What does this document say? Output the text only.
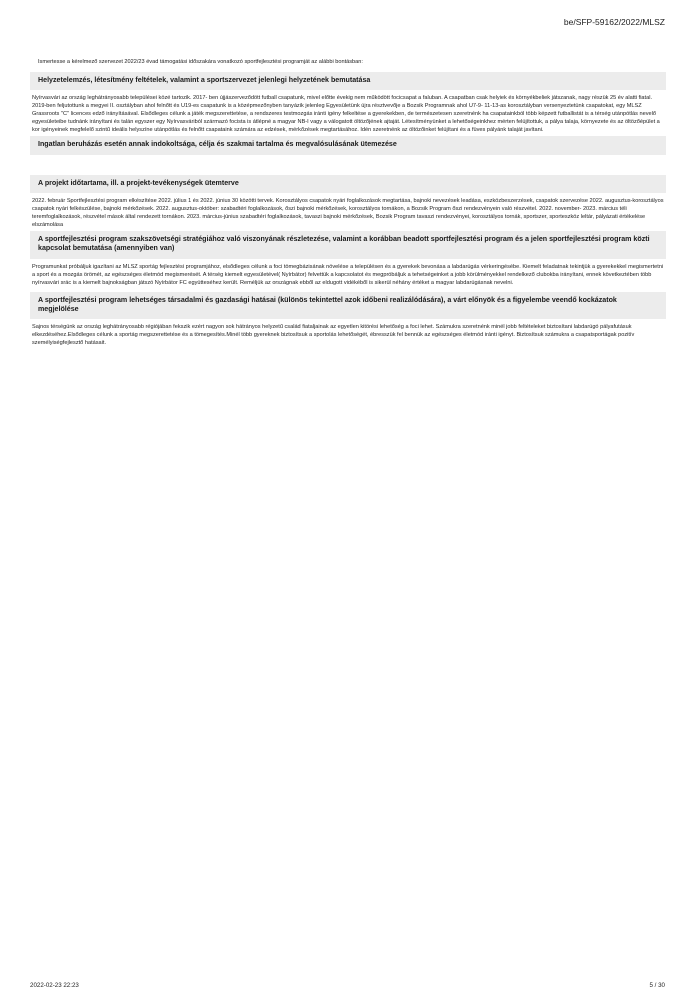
be/SFP-59162/2022/MLSZ
Ismertesse a kérelmező szervezet 2022/23 évad támogatási időszakára vonatkozó sportfejlesztési programját az alábbi bontásban:
Helyzetelemzés, létesítmény feltételek, valamint a sportszervezet jelenlegi helyzetének bemutatása
Nyírvasvári az ország leghátrányosabb települései közé tartozik. 2017- ben újjászerveződött futball csapatunk, mivel előtte évekig nem működött focicsapat a faluban. A csapatban csak helyiek és környékbeliek játszanak, nagy részük 25 év alatti fiatal. 2019-ben feljutottunk a megyei II. osztályban ahol felnőtt és U19-es csapatunk is a középmezőnyben tanyázik jelenleg Egyesületünk újra résztvevője a Bozsik Programnak ahol U7-9- 11-13-as korosztályban versenyeztetünk csapatokat, egy MLSZ Grassroots ''C'' licences edző irányításával. Elsődleges célunk a játék megszerettetése, a rendszeres testmozgás iránti igény felkeltése a gyerekekben, de természetesen szeretnénk ha csapatainkból több képzett futballistát is a térség utánpótlás nevelő egyesületeibe tudnánk irányítani és talán egyszer egy Nyírvasváriból származó focista is átlépné a magyar NB-I vagy a válogatott öltözőjének ajtaját. Létesítményünket a lehetőségeinkhez mérten felújítottuk, a pálya talaja, környezete és az öltözőépület a kor igényeinek megfelelő szintű ideális helyszíne utánpótlás és felnőtt csapataink számára az edzések, mérkőzések megtartásához. Idén szeretnénk az öltözőinket felújítani és a füves pályánk talaját javítani.
Ingatlan beruházás esetén annak indokoltsága, célja és szakmai tartalma és megvalósulásának ütemezése
A projekt időtartama, ill. a projekt-tevékenységek ütemterve
2022. február Sportfejlesztési program elkészítése 2022. július 1 és 2022. június 30 közötti tervek. Korosztályos csapatok nyári foglalkozások megtartása, bajnoki nevezések leadása, eszközbeszerzések, csapatok szervezése 2022. augusztus-korosztályos csapatok nyári felkészülése, bajnoki mérkőzések. 2022. augusztus-október: szabadtéri foglalkozások, őszi bajnoki mérkőzések, korosztályos tornákon, a Bozsik Program őszi rendezvényein való részvétel. 2022. november- 2023. március téli teremfoglalkozások, részvétel mások által rendezett tornákon. 2023. március-június szabadtéri foglalkozások, tavaszi bajnoki mérkőzések, Bozsik Program tavaszi rendezvényei, korosztályos tornák, sportszer, sporteszköz leltár, pályázati értékelése elszámolása
A sportfejlesztési program szakszövetségi stratégiához való viszonyának részletezése, valamint a korábban beadott sportfejlesztési program és a jelen sportfejlesztési program közti kapcsolat bemutatása (amennyiben van)
Programunkat próbáljuk igazítani az MLSZ sportág fejlesztési programjához, elsődleges célunk a foci tömegbázisának növelése a településen és a gyerekek bevonása a labdarúgás vérkeringésébe. Kiemelt feladatnak tekintjük a gyerekekkel megismertetni a sport és a mozgás örömét, az egészséges életmód megismerését. A térség kiemelt egyesületével( Nyírbátor) felvettük a kapcsolatot és megpróbáljuk a tehetségeinket a jobb körülményekkel rendelkező clubokba irányítani, ennek következtében több nyírvasvári srác is a kiemelt bajnokságban játszó Nyírbátor FC együtteséhez került. Reméljük az országnak ebből az eldugott vidékéből is sikerül néhány értéket a magyar labdarúgásnak nevelni.
A sportfejlesztési program lehetséges társadalmi és gazdasági hatásai (különös tekintettel azok időbeni realizálódására), a várt előnyök és a figyelembe veendő kockázatok megjelölése
Sajnos térségünk az ország leghátrányosabb régiójában fekszik ezért nagyon sok hátrányos helyzetű család fiataljainak az egyetlen kitörési lehetőség a foci lehet. Számukra szeretnénk minél jobb feltételeket biztosítani labdarúgó pályafutásuk elkezdéséhez.Elsődleges célunk a sportág megszerettetése és a tömegesítés.Minél több gyereknek biztosítsuk a sportolás lehetőségét, ébresszük fel bennük az egészséges életmód iránti igényt. Biztosítsuk számukra a csapatsportágak pozitív személyiségfejlesztő hatásait.
2022-02-23 22:23	5 / 30
